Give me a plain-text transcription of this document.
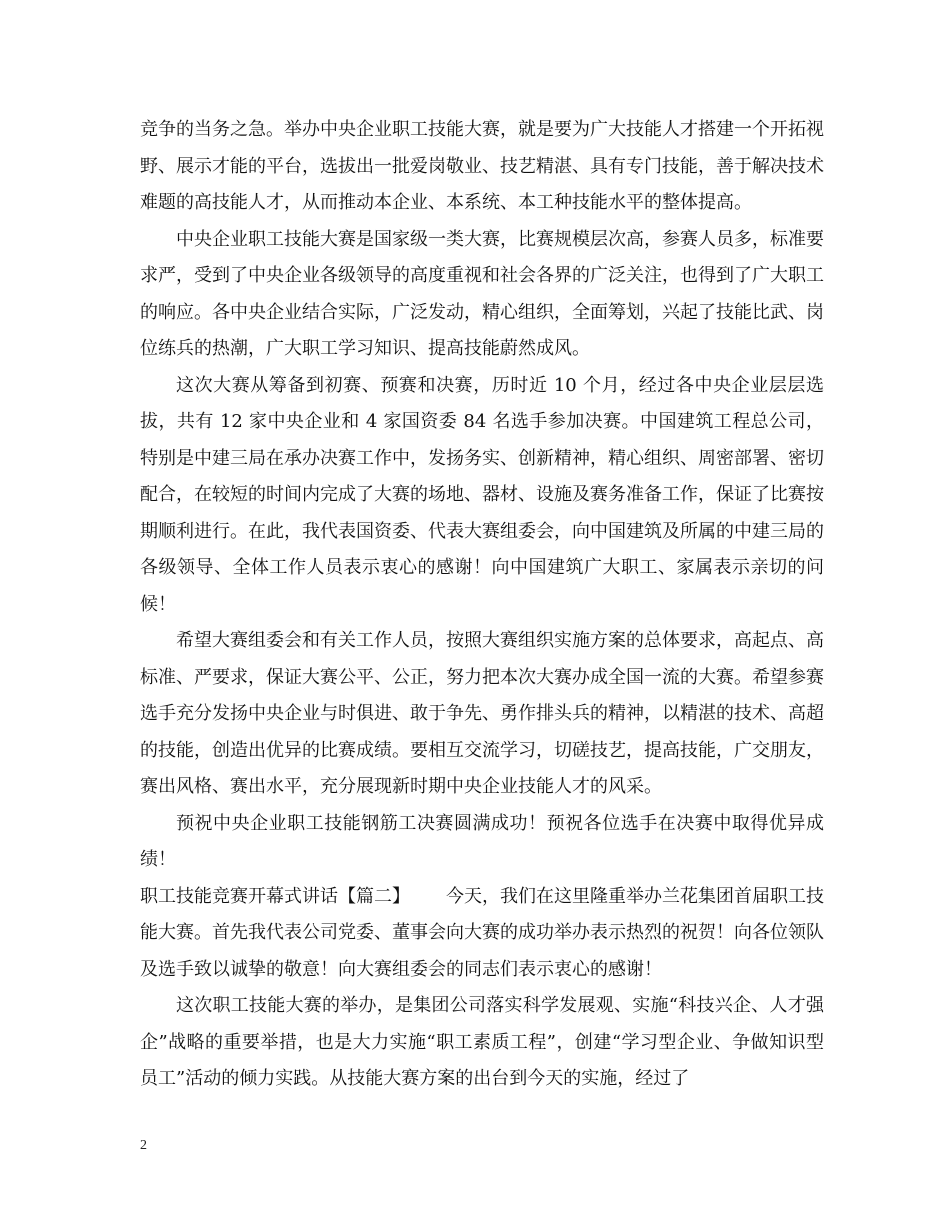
竞争的当务之急。举办中央企业职工技能大赛，就是要为广大技能人才搭建一个开拓视野、展示才能的平台，选拔出一批爱岗敬业、技艺精湛、具有专门技能，善于解决技术难题的高技能人才，从而推动本企业、本系统、本工种技能水平的整体提高。

中央企业职工技能大赛是国家级一类大赛，比赛规模层次高，参赛人员多，标准要求严，受到了中央企业各级领导的高度重视和社会各界的广泛关注，也得到了广大职工的响应。各中央企业结合实际，广泛发动，精心组织，全面筹划，兴起了技能比武、岗位练兵的热潮，广大职工学习知识、提高技能蔚然成风。

这次大赛从筹备到初赛、预赛和决赛，历时近 10 个月，经过各中央企业层层选拔，共有 12 家中央企业和 4 家国资委 84 名选手参加决赛。中国建筑工程总公司，特别是中建三局在承办决赛工作中，发扬务实、创新精神，精心组织、周密部署、密切配合，在较短的时间内完成了大赛的场地、器材、设施及赛务准备工作，保证了比赛按期顺利进行。在此，我代表国资委、代表大赛组委会，向中国建筑及所属的中建三局的各级领导、全体工作人员表示衷心的感谢！向中国建筑广大职工、家属表示亲切的问候！

希望大赛组委会和有关工作人员，按照大赛组织实施方案的总体要求，高起点、高标准、严要求，保证大赛公平、公正，努力把本次大赛办成全国一流的大赛。希望参赛选手充分发扬中央企业与时俱进、敢于争先、勇作排头兵的精神，以精湛的技术、高超的技能，创造出优异的比赛成绩。要相互交流学习，切磋技艺，提高技能，广交朋友，赛出风格、赛出水平，充分展现新时期中央企业技能人才的风采。

预祝中央企业职工技能钢筋工决赛圆满成功！预祝各位选手在决赛中取得优异成绩！

职工技能竞赛开幕式讲话【篇二】 今天，我们在这里隆重举办兰花集团首届职工技能大赛。首先我代表公司党委、董事会向大赛的成功举办表示热烈的祝贺！向各位领队及选手致以诚挚的敬意！向大赛组委会的同志们表示衷心的感谢！

这次职工技能大赛的举办，是集团公司落实科学发展观、实施“科技兴企、人才强企”战略的重要举措，也是大力实施“职工素质工程”，创建“学习型企业、争做知识型员工”活动的倾力实践。从技能大赛方案的出台到今天的实施，经过了

2
